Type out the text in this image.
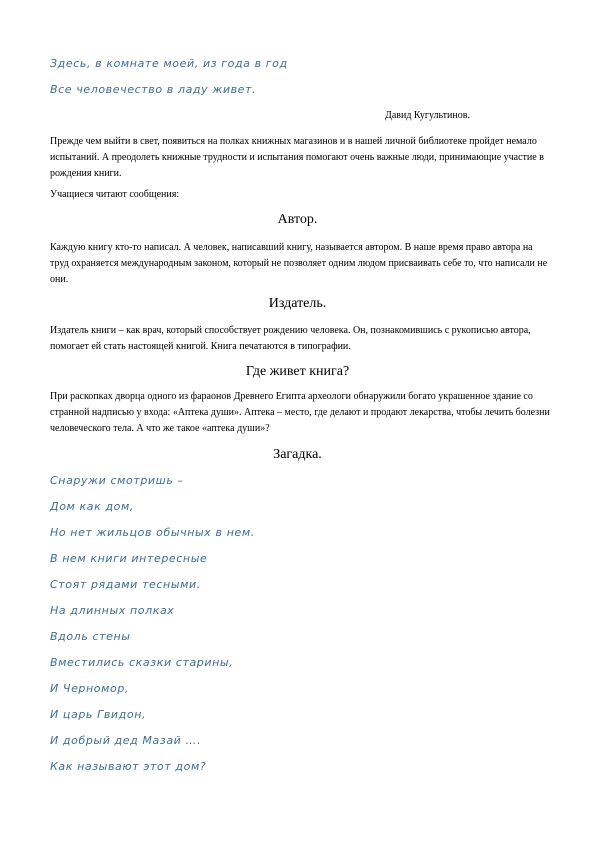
Здесь, в комнате моей, из года в год
Все человечество в ладу живет.
Давид Кугультинов.
Прежде чем выйти в свет, появиться на полках книжных магазинов и в нашей личной библиотеке пройдет немало испытаний. А преодолеть книжные трудности и испытания помогают очень важные люди, принимающие участие в рождения книги.
Учащиеся читают сообщения:
Автор.
Каждую книгу кто-то написал. А человек, написавший книгу, называется автором. В наше время право автора на труд охраняется международным законом, который не позволяет одним людом присваивать себе то, что написали не они.
Издатель.
Издатель книги – как врач, который способствует рождению человека. Он, познакомившись с рукописью автора, помогает ей стать настоящей книгой. Книга печатаются в типографии.
Где живет книга?
При раскопках дворца одного из фараонов Древнего Египта археологи обнаружили богато украшенное здание со странной надписью у входа: «Аптека души». Аптека – место, где делают и продают лекарства, чтобы лечить болезни человеческого тела. А что же такое «аптека души»?
Загадка.
Снаружи смотришь –
Дом как дом,
Но нет жильцов обычных в нем.
В нем книги интересные
Стоят рядами тесными.
На длинных полках
Вдоль стены
Вместились сказки старины,
И Черномор,
И царь Гвидон,
И добрый дед Мазай ….
Как называют этот дом?
